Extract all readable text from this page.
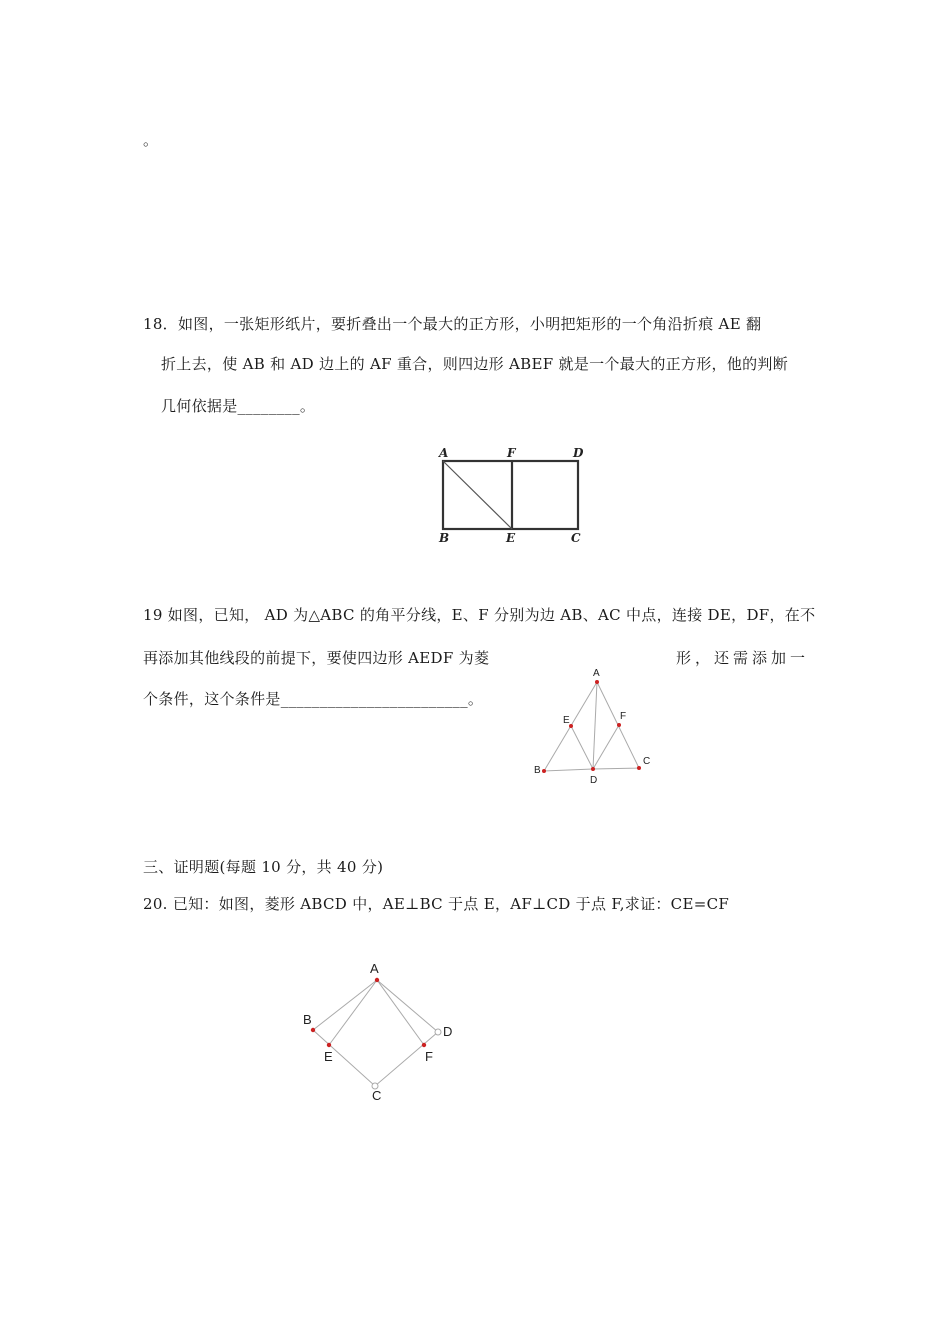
。
18．如图，一张矩形纸片，要折叠出一个最大的正方形，小明把矩形的一个角沿折痕 AE 翻
折上去，使 AB 和 AD 边上的 AF 重合，则四边形 ABEF 就是一个最大的正方形，他的判断
几何依据是________。
A	F	D
B	E	C
19 如图，已知， AD 为△ABC 的角平分线，E、F 分别为边 AB、AC 中点，连接 DE，DF，在不
再添加其他线段的前提下，要使四边形 AEDF 为菱	形，还需添加一
个条件，这个条件是________________________。
A
E	F
B
D
C
三、证明题(每题 10 分，共 40 分)
20. 已知：如图，菱形 ABCD 中，AE⊥BC 于点 E，AF⊥CD 于点 F,求证：CE=CF
A
B
D
E	F
C
